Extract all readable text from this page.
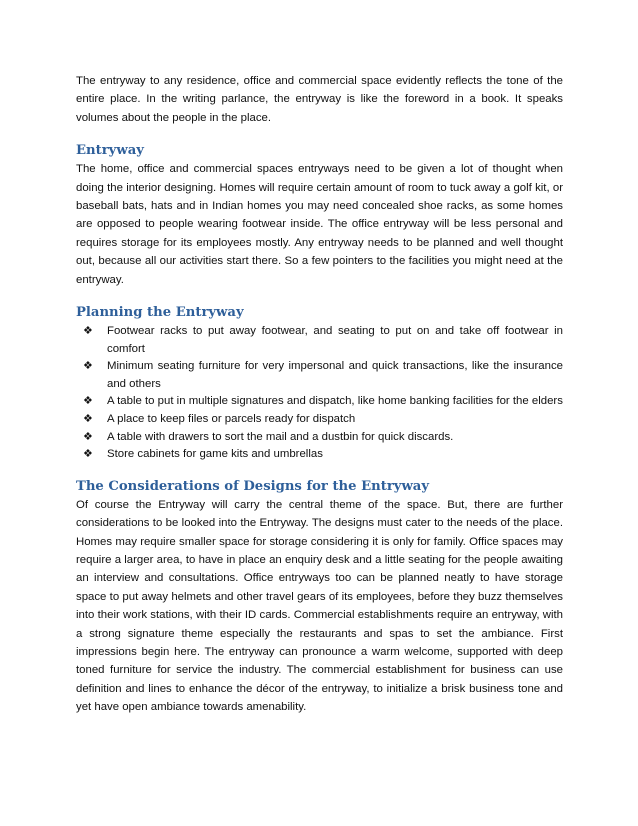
The entryway to any residence, office and commercial space evidently reflects the tone of the entire place. In the writing parlance, the entryway is like the foreword in a book. It speaks volumes about the people in the place.

Entryway

The home, office and commercial spaces entryways need to be given a lot of thought when doing the interior designing. Homes will require certain amount of room to tuck away a golf kit, or baseball bats, hats and in Indian homes you may need concealed shoe racks, as some homes are opposed to people wearing footwear inside. The office entryway will be less personal and requires storage for its employees mostly. Any entryway needs to be planned and well thought out, because all our activities start there. So a few pointers to the facilities you might need at the entryway.

Planning the Entryway
❖ Footwear racks to put away footwear, and seating to put on and take off footwear in comfort
❖ Minimum seating furniture for very impersonal and quick transactions, like the insurance and others
❖ A table to put in multiple signatures and dispatch, like home banking facilities for the elders
❖ A place to keep files or parcels ready for dispatch
❖ A table with drawers to sort the mail and a dustbin for quick discards.
❖ Store cabinets for game kits and umbrellas
The Considerations of Designs for the Entryway

Of course the Entryway will carry the central theme of the space. But, there are further considerations to be looked into the Entryway. The designs must cater to the needs of the place. Homes may require smaller space for storage considering it is only for family. Office spaces may require a larger area, to have in place an enquiry desk and a little seating for the people awaiting an interview and consultations. Office entryways too can be planned neatly to have storage space to put away helmets and other travel gears of its employees, before they buzz themselves into their work stations, with their ID cards. Commercial establishments require an entryway, with a strong signature theme especially the restaurants and spas to set the ambiance. First impressions begin here. The entryway can pronounce a warm welcome, supported with deep toned furniture for service the industry. The commercial establishment for business can use definition and lines to enhance the décor of the entryway, to initialize a brisk business tone and yet have open ambiance towards amenability.
